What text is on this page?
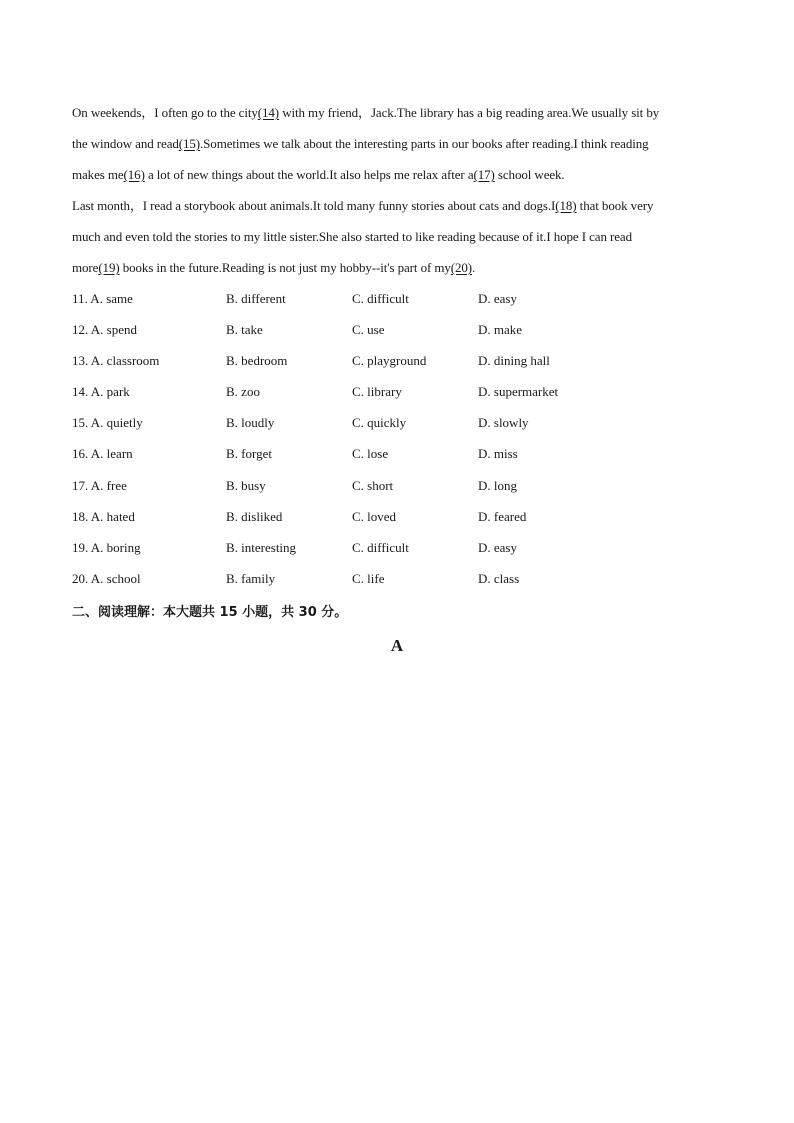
On weekends，I often go to the city(14) with my friend，Jack.The library has a big reading area.We usually sit by
the window and read(15).Sometimes we talk about the interesting parts in our books after reading.I think reading
makes me(16) a lot of new things about the world.It also helps me relax after a(17) school week.
Last month，I read a storybook about animals.It told many funny stories about cats and dogs.I(18) that book very
much and even told the stories to my little sister.She also started to like reading because of it.I hope I can read
more(19) books in the future.Reading is not just my hobby--it's part of my(20).
11. A. same	B. different	C. difficult	D. easy
12. A. spend	B. take	C. use	D. make
13. A. classroom	B. bedroom	C. playground	D. dining hall
14. A. park	B. zoo	C. library	D. supermarket
15. A. quietly	B. loudly	C. quickly	D. slowly
16. A. learn	B. forget	C. lose	D. miss
17. A. free	B. busy	C. short	D. long
18. A. hated	B. disliked	C. loved	D. feared
19. A. boring	B. interesting	C. difficult	D. easy
20. A. school	B. family	C. life	D. class
二、阅读理解：本大题共 15 小题，共 30 分。
A
